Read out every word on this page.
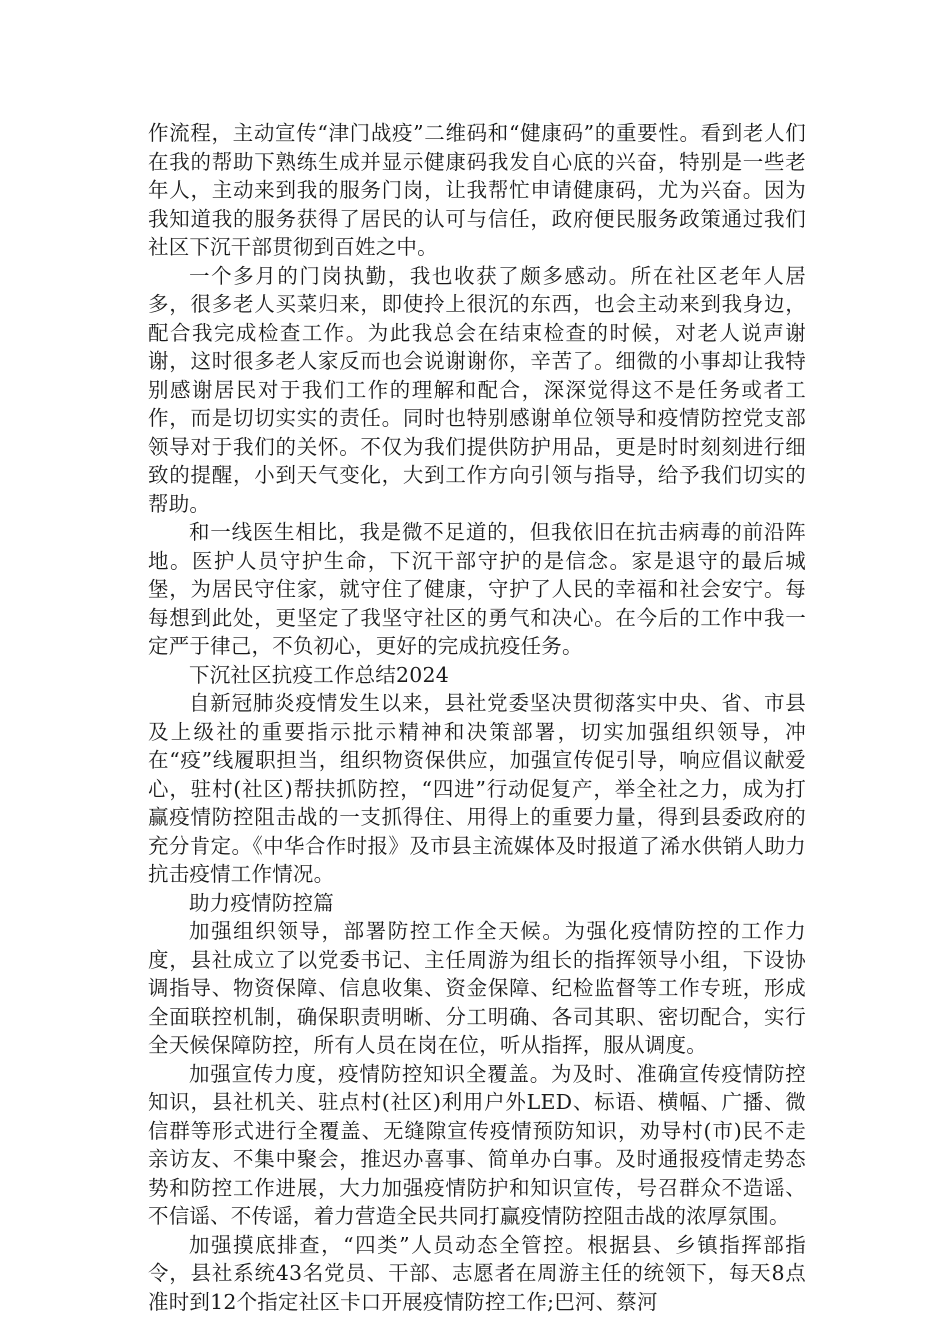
作流程，主动宣传“津门战疫”二维码和“健康码”的重要性。看到老人们在我的帮助下熟练生成并显示健康码我发自心底的兴奋，特别是一些老年人，主动来到我的服务门岗，让我帮忙申请健康码，尤为兴奋。因为我知道我的服务获得了居民的认可与信任，政府便民服务政策通过我们社区下沉干部贯彻到百姓之中。

一个多月的门岗执勤，我也收获了颇多感动。所在社区老年人居多，很多老人买菜归来，即使拎上很沉的东西，也会主动来到我身边，配合我完成检查工作。为此我总会在结束检查的时候，对老人说声谢谢，这时很多老人家反而也会说谢谢你，辛苦了。细微的小事却让我特别感谢居民对于我们工作的理解和配合，深深觉得这不是任务或者工作，而是切切实实的责任。同时也特别感谢单位领导和疫情防控党支部领导对于我们的关怀。不仅为我们提供防护用品，更是时时刻刻进行细致的提醒，小到天气变化，大到工作方向引领与指导，给予我们切实的帮助。

和一线医生相比，我是微不足道的，但我依旧在抗击病毒的前沿阵地。医护人员守护生命，下沉干部守护的是信念。家是退守的最后城堡，为居民守住家，就守住了健康，守护了人民的幸福和社会安宁。每每想到此处，更坚定了我坚守社区的勇气和决心。在今后的工作中我一定严于律己，不负初心，更好的完成抗疫任务。

下沉社区抗疫工作总结2024

自新冠肺炎疫情发生以来，县社党委坚决贯彻落实中央、省、市县及上级社的重要指示批示精神和决策部署，切实加强组织领导，冲在“疫”线履职担当，组织物资保供应，加强宣传促引导，响应倡议献爱心，驻村(社区)帮扶抓防控，“四进”行动促复产，举全社之力，成为打赢疫情防控阻击战的一支抓得住、用得上的重要力量，得到县委政府的充分肯定。《中华合作时报》及市县主流媒体及时报道了浠水供销人助力抗击疫情工作情况。

助力疫情防控篇

加强组织领导，部署防控工作全天候。为强化疫情防控的工作力度，县社成立了以党委书记、主任周游为组长的指挥领导小组，下设协调指导、物资保障、信息收集、资金保障、纪检监督等工作专班，形成全面联控机制，确保职责明晰、分工明确、各司其职、密切配合，实行全天候保障防控，所有人员在岗在位，听从指挥，服从调度。

加强宣传力度，疫情防控知识全覆盖。为及时、准确宣传疫情防控知识，县社机关、驻点村(社区)利用户外LED、标语、横幅、广播、微信群等形式进行全覆盖、无缝隙宣传疫情预防知识，劝导村(市)民不走亲访友、不集中聚会，推迟办喜事、简单办白事。及时通报疫情走势态势和防控工作进展，大力加强疫情防护和知识宣传，号召群众不造谣、不信谣、不传谣，着力营造全民共同打赢疫情防控阻击战的浓厚氛围。

加强摸底排查，“四类”人员动态全管控。根据县、乡镇指挥部指令，县社系统43名党员、干部、志愿者在周游主任的统领下，每天8点准时到12个指定社区卡口开展疫情防控工作;巴河、蔡河
